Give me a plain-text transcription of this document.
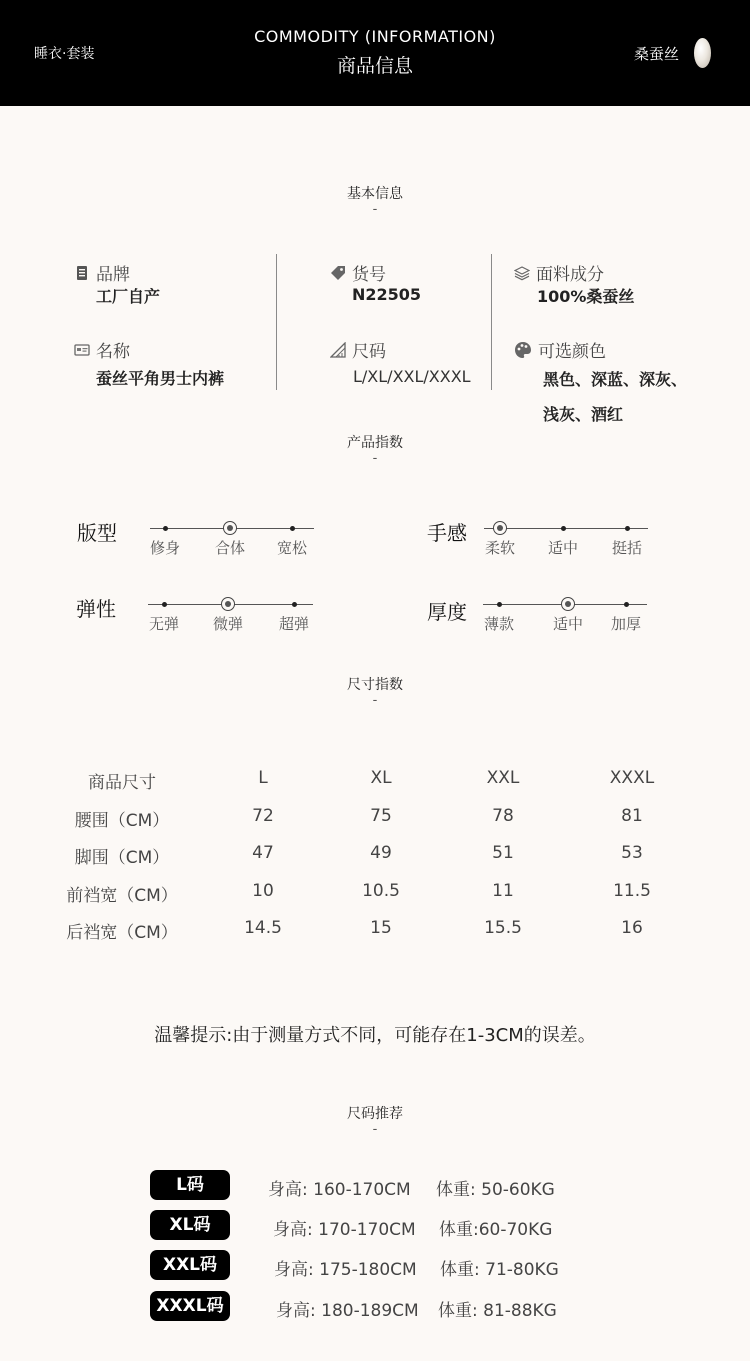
睡衣·套装
COMMODITY (INFORMATION)
商品信息
桑蚕丝
基本信息
-
品牌
工厂自产
名称
蚕丝平角男士内裤
货号
N22505
尺码
L/XL/XXL/XXXL
面料成分
100%桑蚕丝
可选颜色
黑色、深蓝、深灰、
浅灰、酒红
产品指数
-
版型
修身	合体	宽松
手感
柔软	适中	挺括
弹性
无弹	微弹	超弹	厚度	薄款	适中	加厚
尺寸指数
-
商品尺寸	L	XL	XXL	XXXL
腰围（CM）	72	75	78	81
脚围（CM）	47	49	51	53
前裆宽（CM）	10	10.5	11	11.5
后裆宽（CM）	14.5	15	15.5	16
温馨提示:由于测量方式不同，可能存在1-3CM的误差。
尺码推荐
-
L码	身高: 160-170CM 体重: 50-60KG
XL码	身高: 170-170CM 体重:60-70KG
XXL码	身高: 175-180CM 体重: 71-80KG
XXXL码	身高: 180-189CM 体重: 81-88KG
